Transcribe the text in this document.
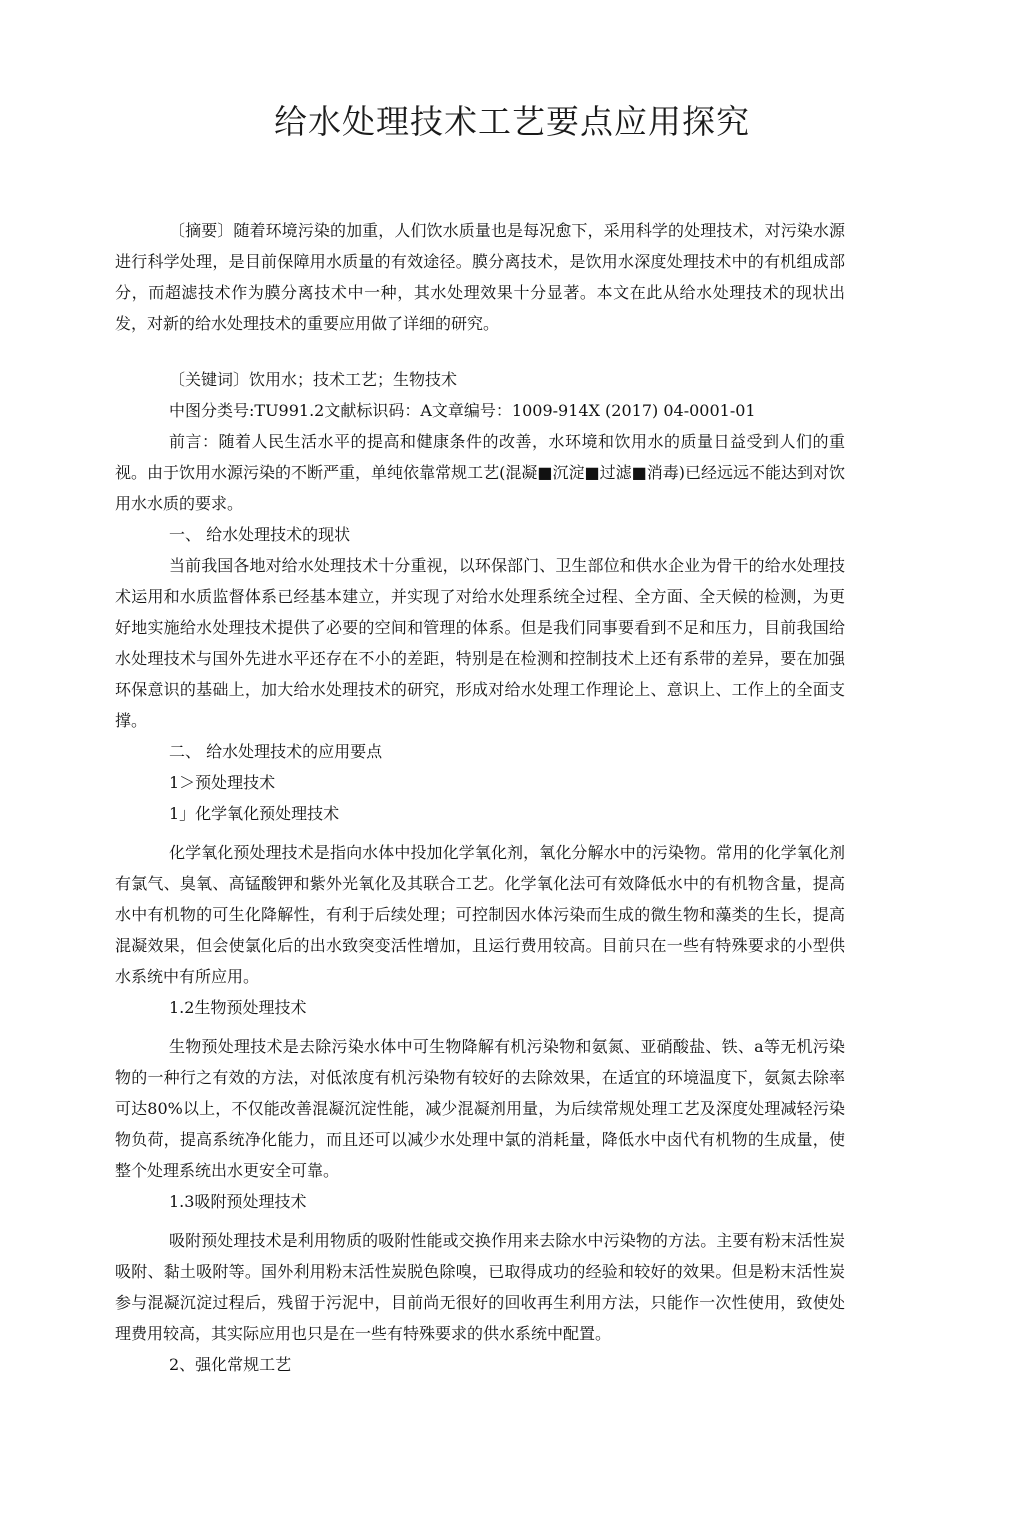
给水处理技术工艺要点应用探究

〔摘要〕随着环境污染的加重，人们饮水质量也是每况愈下，采用科学的处理技术，对污染水源进行科学处理，是目前保障用水质量的有效途径。膜分离技术，是饮用水深度处理技术中的有机组成部分，而超滤技术作为膜分离技术中一种，其水处理效果十分显著。本文在此从给水处理技术的现状出发，对新的给水处理技术的重要应用做了详细的研究。

〔关键词〕饮用水；技术工艺；生物技术

中图分类号:TU991.2文献标识码：A文章编号：1009-914X (2017) 04-0001-01

前言：随着人民生活水平的提高和健康条件的改善，水环境和饮用水的质量日益受到人们的重视。由于饮用水源污染的不断严重，单纯依靠常规工艺(混凝■沉淀■过滤■消毒)已经远远不能达到对饮用水水质的要求。

一、 给水处理技术的现状

当前我国各地对给水处理技术十分重视，以环保部门、卫生部位和供水企业为骨干的给水处理技术运用和水质监督体系已经基本建立，并实现了对给水处理系统全过程、全方面、全天候的检测，为更好地实施给水处理技术提供了必要的空间和管理的体系。但是我们同事要看到不足和压力，目前我国给水处理技术与国外先进水平还存在不小的差距，特别是在检测和控制技术上还有系带的差异，要在加强环保意识的基础上，加大给水处理技术的研究，形成对给水处理工作理论上、意识上、工作上的全面支撑。

二、 给水处理技术的应用要点

1＞预处理技术

1」化学氧化预处理技术

化学氧化预处理技术是指向水体中投加化学氧化剂，氧化分解水中的污染物。常用的化学氧化剂有氯气、臭氧、高锰酸钾和紫外光氧化及其联合工艺。化学氧化法可有效降低水中的有机物含量，提高水中有机物的可生化降解性，有利于后续处理；可控制因水体污染而生成的微生物和藻类的生长，提高混凝效果，但会使氯化后的出水致突变活性增加，且运行费用较高。目前只在一些有特殊要求的小型供水系统中有所应用。

1.2生物预处理技术

生物预处理技术是去除污染水体中可生物降解有机污染物和氨氮、亚硝酸盐、铁、a等无机污染物的一种行之有效的方法，对低浓度有机污染物有较好的去除效果，在适宜的环境温度下，氨氮去除率可达80%以上，不仅能改善混凝沉淀性能，减少混凝剂用量，为后续常规处理工艺及深度处理减轻污染物负荷，提高系统净化能力，而且还可以减少水处理中氯的消耗量，降低水中卤代有机物的生成量，使整个处理系统出水更安全可靠。

1.3吸附预处理技术

吸附预处理技术是利用物质的吸附性能或交换作用来去除水中污染物的方法。主要有粉末活性炭吸附、黏土吸附等。国外利用粉末活性炭脱色除嗅，已取得成功的经验和较好的效果。但是粉末活性炭参与混凝沉淀过程后，残留于污泥中，目前尚无很好的回收再生利用方法，只能作一次性使用，致使处理费用较高，其实际应用也只是在一些有特殊要求的供水系统中配置。

2、强化常规工艺
